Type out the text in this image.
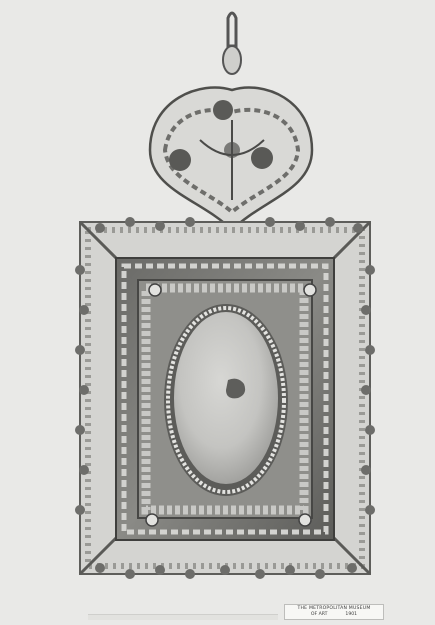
THE METROPOLITAN MUSEUM
OF ART	1901
